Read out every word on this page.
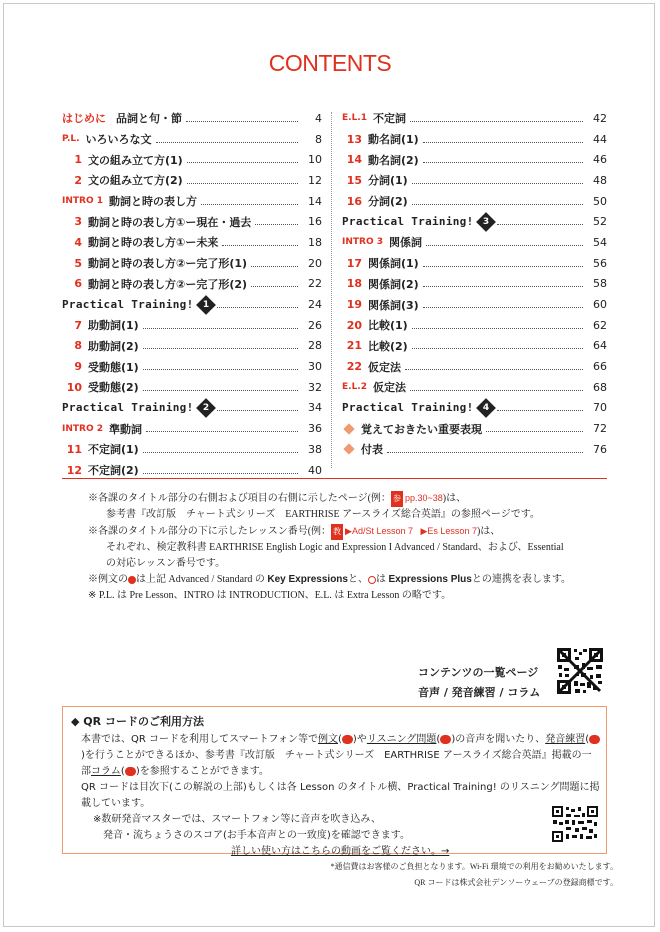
CONTENTS
はじめに 品詞と句・節	4
P.L. いろいろな文	8
1 文の組み立て方(1)	10
2 文の組み立て方(2)	12
INTRO 1 動詞と時の表し方	14
3 動詞と時の表し方①ー現在・過去	16
4 動詞と時の表し方①ー未来	18
5 動詞と時の表し方②ー完了形(1)	20
6 動詞と時の表し方②ー完了形(2)	22
Practical Training! 1	24
7 助動詞(1)	26
8 助動詞(2)	28
9 受動態(1)	30
10 受動態(2)	32
Practical Training! 2	34
INTRO 2 準動詞	36
11 不定詞(1)	38
12 不定詞(2)	40
E.L.1 不定詞	42
13 動名詞(1)	44
14 動名詞(2)	46
15 分詞(1)	48
16 分詞(2)	50
Practical Training! 3	52
INTRO 3 関係詞	54
17 関係詞(1)	56
18 関係詞(2)	58
19 関係詞(3)	60
20 比較(1)	62
21 比較(2)	64
22 仮定法	66
E.L.2 仮定法	68
Practical Training! 4	70
覚えておきたい重要表現	72
付表	76
※各課のタイトル部分の右側および項目の右側に示したページ(例： 参 pp.30~38)は、
参考書『改訂版　チャート式シリーズ　EARTHRISE アースライズ総合英語』の参照ページです。
※各課のタイトル部分の下に示したレッスン番号(例： 教 ▶Ad/St Lesson 7 ▶Es Lesson 7)は、
それぞれ、検定教科書 EARTHRISE English Logic and Expression I Advanced / Standard、および、Essential
の対応レッスン番号です。
※例文の は上記 Advanced / Standard の Key Expressionsと、 は Expressions Plusとの連携を表します。
※ P.L. は Pre Lesson、INTRO は INTRODUCTION、E.L. は Extra Lesson の略です。
コンテンツの一覧ページ
音声 / 発音練習 / コラム
◆ QR コードのご利用方法
本書では、QR コードを利用してスマートフォン等で例文( )やリスニング問題( )の音声を聞いたり、発音練習()を行うことができるほか、参考書『改訂版　チャート式シリーズ　EARTHRISE アースライズ総合英語』掲載の一部コラム( )を参照することができます。
QR コードは目次下(この解説の上部)もしくは各 Lesson のタイトル横、Practical Training! のリスニング問題に掲載しています。
※数研発音マスターでは、スマートフォン等に音声を吹き込み、
発音・流ちょうさのスコア(お手本音声との一致度)を確認できます。
詳しい使い方はこちらの動画をご覧ください。→
*通信費はお客様のご負担となります。Wi-Fi 環境での利用をお勧めいたします。
QR コードは株式会社デンソーウェーブの登録商標です。
